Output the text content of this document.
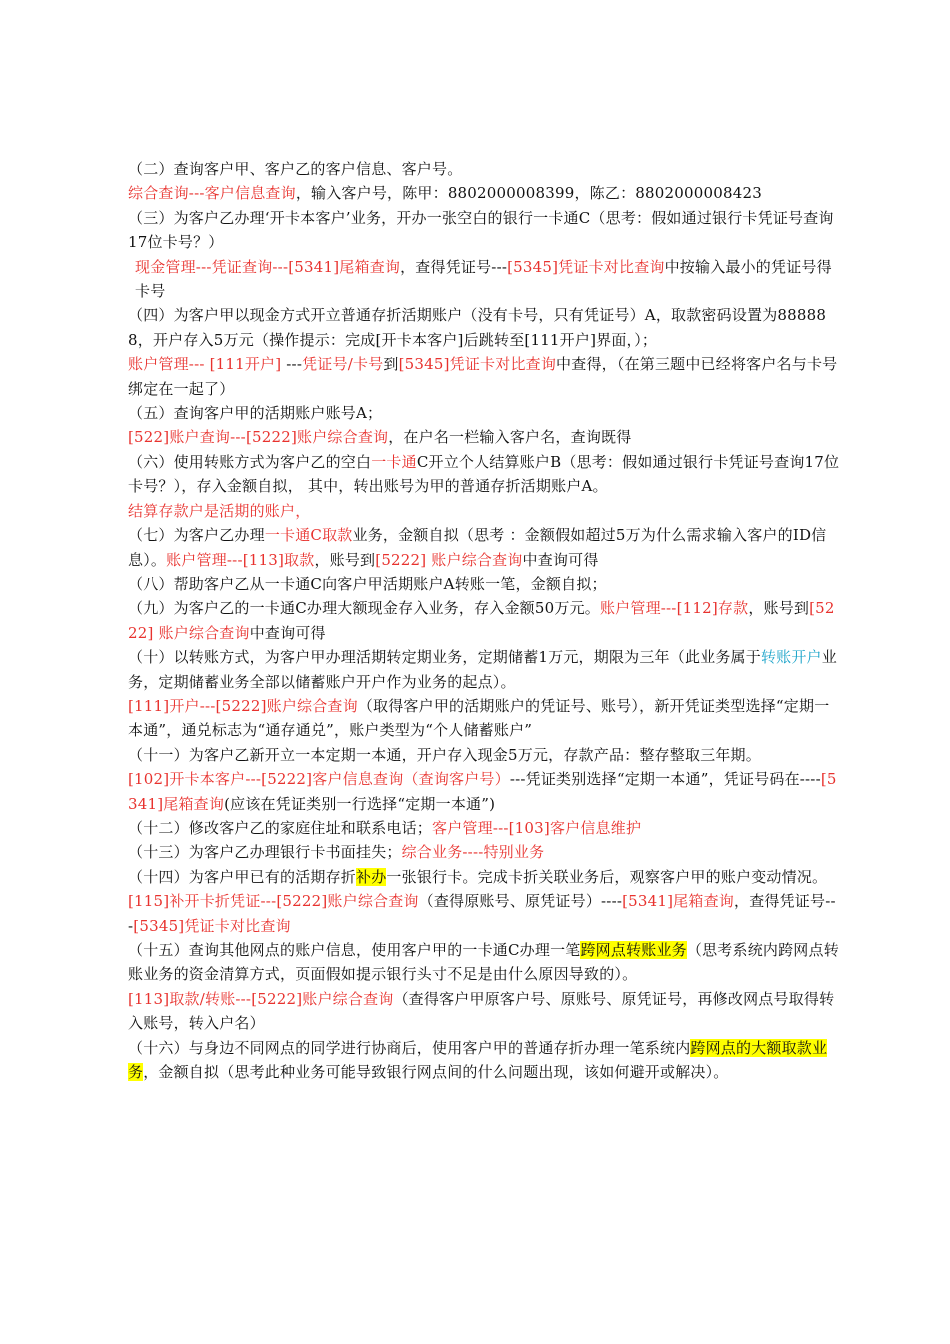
（二）查询客户甲、客户乙的客户信息、客户号。

综合查询---客户信息查询，输入客户号，陈甲：8802000008399，陈乙：8802000008423

（三）为客户乙办理‘开卡本客户’业务，开办一张空白的银行一卡通C（思考：假如通过银行卡凭证号查询17位卡号？）

现金管理---凭证查询---[5341]尾箱查询，查得凭证号---[5345]凭证卡对比查询中按输入最小的凭证号得卡号

（四）为客户甲以现金方式开立普通存折活期账户（没有卡号，只有凭证号）A，取款密码设置为888888，开户存入5万元（操作提示：完成[开卡本客户]后跳转至[111开户]界面，）；

账户管理--- [111开户] ---凭证号/卡号到[5345]凭证卡对比查询中查得，（在第三题中已经将客户名与卡号绑定在一起了）

（五）查询客户甲的活期账户账号A；

[522]账户查询---[5222]账户综合查询，在户名一栏输入客户名，查询既得

（六）使用转账方式为客户乙的空白一卡通C开立个人结算账户B（思考：假如通过银行卡凭证号查询17位卡号？），存入金额自拟， 其中，转出账号为甲的普通存折活期账户A。

结算存款户是活期的账户，

（七）为客户乙办理一卡通C取款业务，金额自拟（思考 ：金额假如超过5万为什么需求输入客户的ID信息）。账户管理---[113]取款，账号到[5222] 账户综合查询中查询可得

（八）帮助客户乙从一卡通C向客户甲活期账户A转账一笔，金额自拟；

（九）为客户乙的一卡通C办理大额现金存入业务，存入金额50万元。账户管理---[112]存款，账号到[5222] 账户综合查询中查询可得

（十）以转账方式，为客户甲办理活期转定期业务，定期储蓄1万元，期限为三年（此业务属于转账开户业务，定期储蓄业务全部以储蓄账户开户作为业务的起点）。

[111]开户---[5222]账户综合查询（取得客户甲的活期账户的凭证号、账号），新开凭证类型选择“定期一本通”，通兑标志为“通存通兑”，账户类型为“个人储蓄账户”

（十一）为客户乙新开立一本定期一本通，开户存入现金5万元，存款产品：整存整取三年期。

[102]开卡本客户---[5222]客户信息查询（查询客户号）---凭证类别选择“定期一本通”，凭证号码在----[5341]尾箱查询(应该在凭证类别一行选择“定期一本通”)

（十二）修改客户乙的家庭住址和联系电话；客户管理---[103]客户信息维护

（十三）为客户乙办理银行卡书面挂失；综合业务----特别业务

（十四）为客户甲已有的活期存折补办一张银行卡。完成卡折关联业务后，观察客户甲的账户变动情况。[115]补开卡折凭证---[5222]账户综合查询（查得原账号、原凭证号）----[5341]尾箱查询，查得凭证号---[5345]凭证卡对比查询

（十五）查询其他网点的账户信息，使用客户甲的一卡通C办理一笔跨网点转账业务（思考系统内跨网点转账业务的资金清算方式，页面假如提示银行头寸不足是由什么原因导致的）。

[113]取款/转账---[5222]账户综合查询（查得客户甲原客户号、原账号、原凭证号，再修改网点号取得转入账号，转入户名）

（十六）与身边不同网点的同学进行协商后，使用客户甲的普通存折办理一笔系统内跨网点的大额取款业务，金额自拟（思考此种业务可能导致银行网点间的什么问题出现，该如何避开或解决）。
